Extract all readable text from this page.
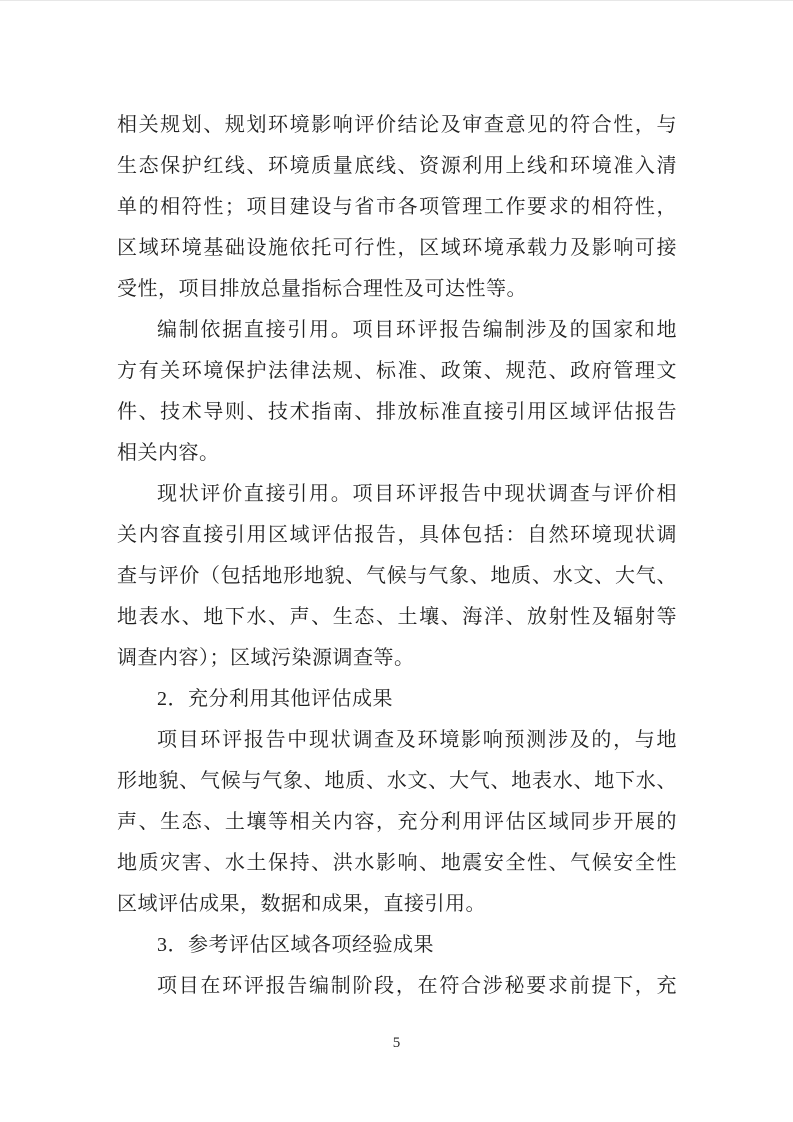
相关规划、规划环境影响评价结论及审查意见的符合性，与
生态保护红线、环境质量底线、资源利用上线和环境准入清
单的相符性；项目建设与省市各项管理工作要求的相符性，
区域环境基础设施依托可行性，区域环境承载力及影响可接
受性，项目排放总量指标合理性及可达性等。
编制依据直接引用。项目环评报告编制涉及的国家和地
方有关环境保护法律法规、标准、政策、规范、政府管理文
件、技术导则、技术指南、排放标准直接引用区域评估报告
相关内容。
现状评价直接引用。项目环评报告中现状调查与评价相
关内容直接引用区域评估报告，具体包括：自然环境现状调
查与评价（包括地形地貌、气候与气象、地质、水文、大气、
地表水、地下水、声、生态、土壤、海洋、放射性及辐射等
调查内容）；区域污染源调查等。
2．充分利用其他评估成果
项目环评报告中现状调查及环境影响预测涉及的，与地
形地貌、气候与气象、地质、水文、大气、地表水、地下水、
声、生态、土壤等相关内容，充分利用评估区域同步开展的
地质灾害、水土保持、洪水影响、地震安全性、气候安全性
区域评估成果，数据和成果，直接引用。
3．参考评估区域各项经验成果
项目在环评报告编制阶段，在符合涉秘要求前提下，充
5
